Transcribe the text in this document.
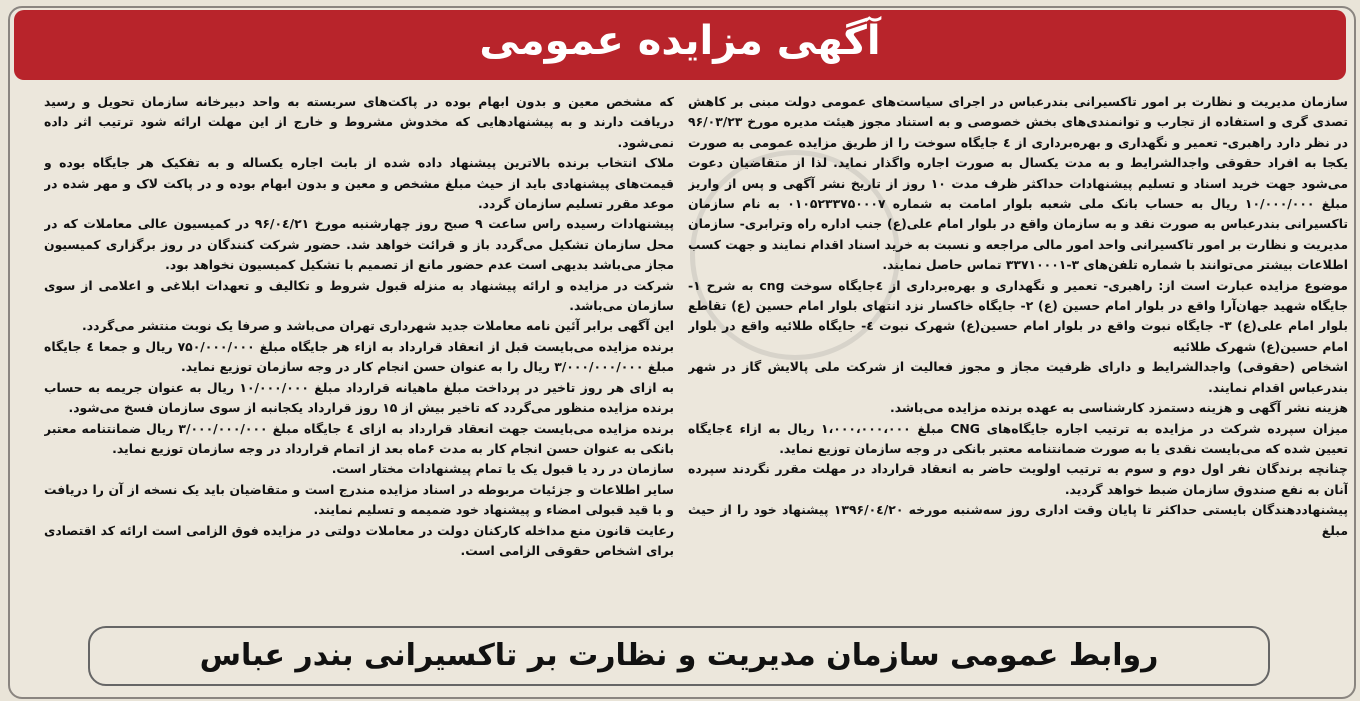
آگهی مزایده عمومی

سازمان مدیریت و نظارت بر امور تاکسیرانی بندرعباس در اجرای سیاست‌های عمومی دولت مبنی بر کاهش تصدی گری و استفاده از تجارب و توانمندی‌های بخش خصوصی و به استناد مجوز هیئت مدیره مورخ ۹۶/۰۳/۲۳ در نظر دارد راهبری- تعمیر و نگهداری و بهره‌برداری از ٤ جایگاه سوخت را از طریق مزایده عمومی به صورت یکجا به افراد حقوقی واجدالشرایط و به مدت یکسال به صورت اجاره واگذار نماید. لذا از متقاضیان دعوت می‌شود جهت خرید اسناد و تسلیم پیشنهادات حداکثر ظرف مدت ۱۰ روز از تاریخ نشر آگهی و پس از واریز مبلغ ۱۰/۰۰۰/۰۰۰ ریال به حساب بانک ملی شعبه بلوار امامت به شماره ۰۱۰۵۲۳۳۷۵۰۰۰۷ به نام سازمان تاکسیرانی بندرعباس به صورت نقد و به سازمان واقع در بلوار امام علی(ع) جنب اداره راه وترابری- سازمان مدیریت و نظارت بر امور تاکسیرانی واحد امور مالی مراجعه و نسبت به خرید اسناد اقدام نمایند و جهت کسب اطلاعات بیشتر می‌توانند با شماره تلفن‌های ۳-۳۳۷۱۰۰۰۱ تماس حاصل نمایند.

موضوع مزایده عبارت است از: راهبری- تعمیر و نگهداری و بهره‌برداری از ٤جایگاه سوخت cng به شرح ۱- جایگاه شهید جهان‌آرا واقع در بلوار امام حسین (ع) ۲- جایگاه خاکسار نزد انتهای بلوار امام حسین (ع) تقاطع بلوار امام علی(ع) ۳- جایگاه نبوت واقع در بلوار امام حسین(ع) شهرک نبوت ٤- جایگاه طلائیه واقع در بلوار امام حسین(ع) شهرک طلائیه

اشخاص (حقوقی) واجدالشرایط و دارای ظرفیت مجاز و مجوز فعالیت از شرکت ملی پالایش گاز در شهر بندرعباس اقدام نمایند.

هزینه نشر آگهی و هزینه دستمزد کارشناسی به عهده برنده مزایده می‌باشد.

میزان سپرده شرکت در مزایده به ترتیب اجاره جایگاه‌های CNG مبلغ ۱،۰۰۰،۰۰۰،۰۰۰ ریال به ازاء ٤جایگاه تعیین شده که می‌بایست نقدی یا به صورت ضمانتنامه معتبر بانکی در وجه سازمان توزیع نماید.

چنانچه برندگان نفر اول دوم و سوم به ترتیب اولویت حاضر به انعقاد قرارداد در مهلت مقرر نگردند سپرده آنان به نفع صندوق سازمان ضبط خواهد گردید.

پیشنهاددهندگان بایستی حداکثر تا پایان وقت اداری روز سه‌شنبه مورخه ۱۳۹۶/۰٤/۲۰ پیشنهاد خود را از حیث مبلغ

که مشخص معین و بدون ابهام بوده در پاکت‌های سربسته به واحد دبیرخانه سازمان تحویل و رسید دریافت دارند و به پیشنهادهایی که مخدوش مشروط و خارج از این مهلت ارائه شود ترتیب اثر داده نمی‌شود.

ملاک انتخاب برنده بالاترین پیشنهاد داده شده از بابت اجاره یکساله و به تفکیک هر جایگاه بوده و قیمت‌های پیشنهادی باید از حیث مبلغ مشخص و معین و بدون ابهام بوده و در پاکت لاک و مهر شده در موعد مقرر تسلیم سازمان گردد.

پیشنهادات رسیده راس ساعت ۹ صبح روز چهارشنبه مورخ ۹۶/۰٤/۲۱ در کمیسیون عالی معاملات که در محل سازمان تشکیل می‌گردد باز و قرائت خواهد شد. حضور شرکت کنندگان در روز برگزاری کمیسیون مجاز می‌باشد بدیهی است عدم حضور مانع از تصمیم با تشکیل کمیسیون نخواهد بود.

شرکت در مزایده و ارائه پیشنهاد به منزله قبول شروط و تکالیف و تعهدات ابلاغی و اعلامی از سوی سازمان می‌باشد.

این آگهی برابر آئین نامه معاملات جدید شهرداری تهران می‌باشد و صرفا یک نوبت منتشر می‌گردد.

برنده مزایده می‌بایست قبل از انعقاد قرارداد به ازاء هر جایگاه مبلغ ۷۵۰/۰۰۰/۰۰۰ ریال و جمعا ٤ جایگاه مبلغ ۳/۰۰۰/۰۰۰/۰۰۰ ریال را به عنوان حسن انجام کار در وجه سازمان توزیع نماید.

به ازای هر روز تاخیر در پرداخت مبلغ ماهیانه قرارداد مبلغ ۱۰/۰۰۰/۰۰۰ ریال به عنوان جریمه به حساب برنده مزایده منظور می‌گردد که تاخیر بیش از ۱۵ روز قرارداد یکجانبه از سوی سازمان فسخ می‌شود.

برنده مزایده می‌بایست جهت انعقاد قرارداد به ازای ٤ جایگاه مبلغ ۳/۰۰۰/۰۰۰/۰۰۰ ریال ضمانتنامه معتبر بانکی به عنوان حسن انجام کار به مدت ۶ماه بعد از اتمام قرارداد در وجه سازمان توزیع نماید.

سازمان در رد یا قبول یک یا تمام پیشنهادات مختار است.

سایر اطلاعات و جزئیات مربوطه در اسناد مزایده مندرج است و متقاضیان باید یک نسخه از آن را دریافت و با قید قبولی امضاء و پیشنهاد خود ضمیمه و تسلیم نمایند.

رعایت قانون منع مداخله کارکنان دولت در معاملات دولتی در مزایده فوق الزامی است ارائه کد اقتصادی برای اشخاص حقوقی الزامی است.

روابط عمومی سازمان مدیریت و نظارت بر تاکسیرانی بندر عباس
